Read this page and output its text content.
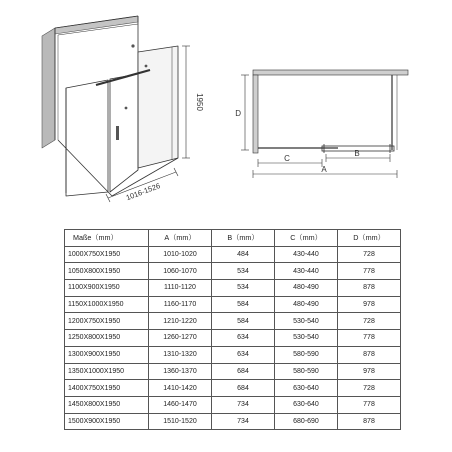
1950
1016-1526
D
C
B
A
Maße（mm）	A（mm）	B（mm）	C（mm）	D（mm）
1000X750X1950	1010-1020	484	430-440	728
1050X800X1950	1060-1070	534	430-440	778
1100X900X1950	1110-1120	534	480-490	878
1150X1000X1950	1160-1170	584	480-490	978
1200X750X1950	1210-1220	584	530-540	728
1250X800X1950	1260-1270	634	530-540	778
1300X900X1950	1310-1320	634	580-590	878
1350X1000X1950	1360-1370	684	580-590	978
1400X750X1950	1410-1420	684	630-640	728
1450X800X1950	1460-1470	734	630-640	778
1500X900X1950	1510-1520	734	680-690	878
